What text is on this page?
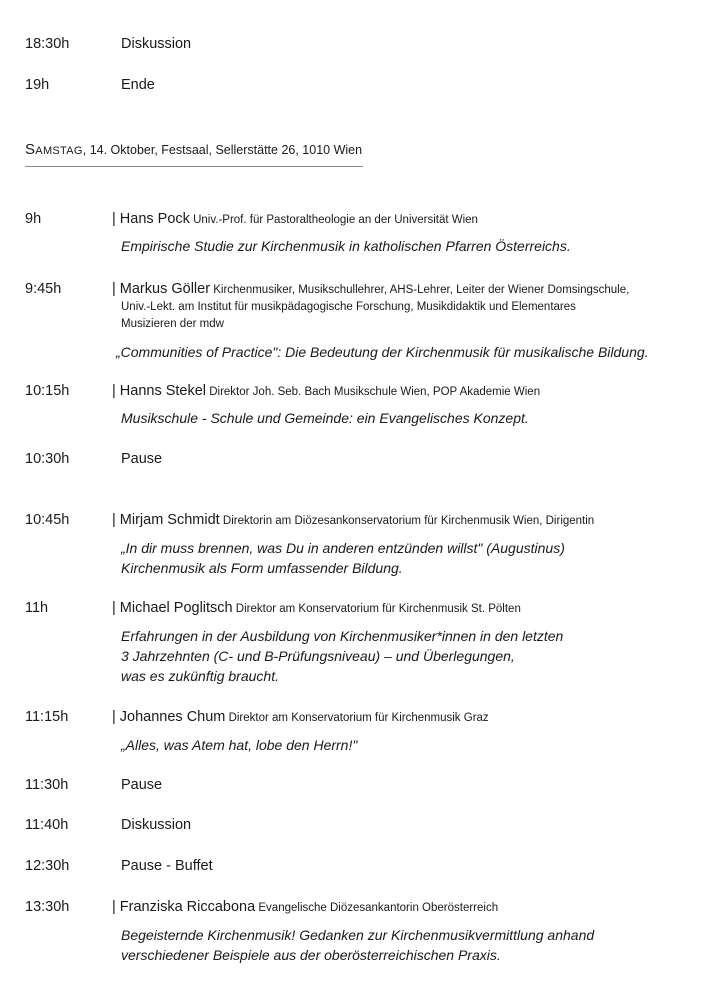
18:30h	Diskussion
19h	Ende
Samstag, 14. Oktober, Festsaal, Sellerstätte 26, 1010 Wien
9h	| Hans Pock Univ.-Prof. für Pastoraltheologie an der Universität Wien
Empirische Studie zur Kirchenmusik in katholischen Pfarren Österreichs.
9:45h	| Markus Göller Kirchenmusiker, Musikschullehrer, AHS-Lehrer, Leiter der Wiener Domsingschule,
Univ.-Lekt. am Institut für musikpädagogische Forschung, Musikdidaktik und Elementares
Musizieren der mdw
„Communities of Practice": Die Bedeutung der Kirchenmusik für musikalische Bildung.
10:15h	| Hanns Stekel Direktor Joh. Seb. Bach Musikschule Wien, POP Akademie Wien
Musikschule - Schule und Gemeinde: ein Evangelisches Konzept.
10:30h	Pause
10:45h	| Mirjam Schmidt Direktorin am Diözesankonservatorium für Kirchenmusik Wien, Dirigentin
„In dir muss brennen, was Du in anderen entzünden willst" (Augustinus)
Kirchenmusik als Form umfassender Bildung.
11h	| Michael Poglitsch Direktor am Konservatorium für Kirchenmusik St. Pölten
Erfahrungen in der Ausbildung von Kirchenmusiker*innen in den letzten
3 Jahrzehnten (C- und B-Prüfungsniveau) – und Überlegungen,
was es zukünftig braucht.
11:15h	| Johannes Chum Direktor am Konservatorium für Kirchenmusik Graz
„Alles, was Atem hat, lobe den Herrn!"
11:30h	Pause
11:40h	Diskussion
12:30h	Pause - Buffet
13:30h	| Franziska Riccabona Evangelische Diözesankantorin Oberösterreich
Begeisternde Kirchenmusik! Gedanken zur Kirchenmusikvermittlung anhand
verschiedener Beispiele aus der oberösterreichischen Praxis.
